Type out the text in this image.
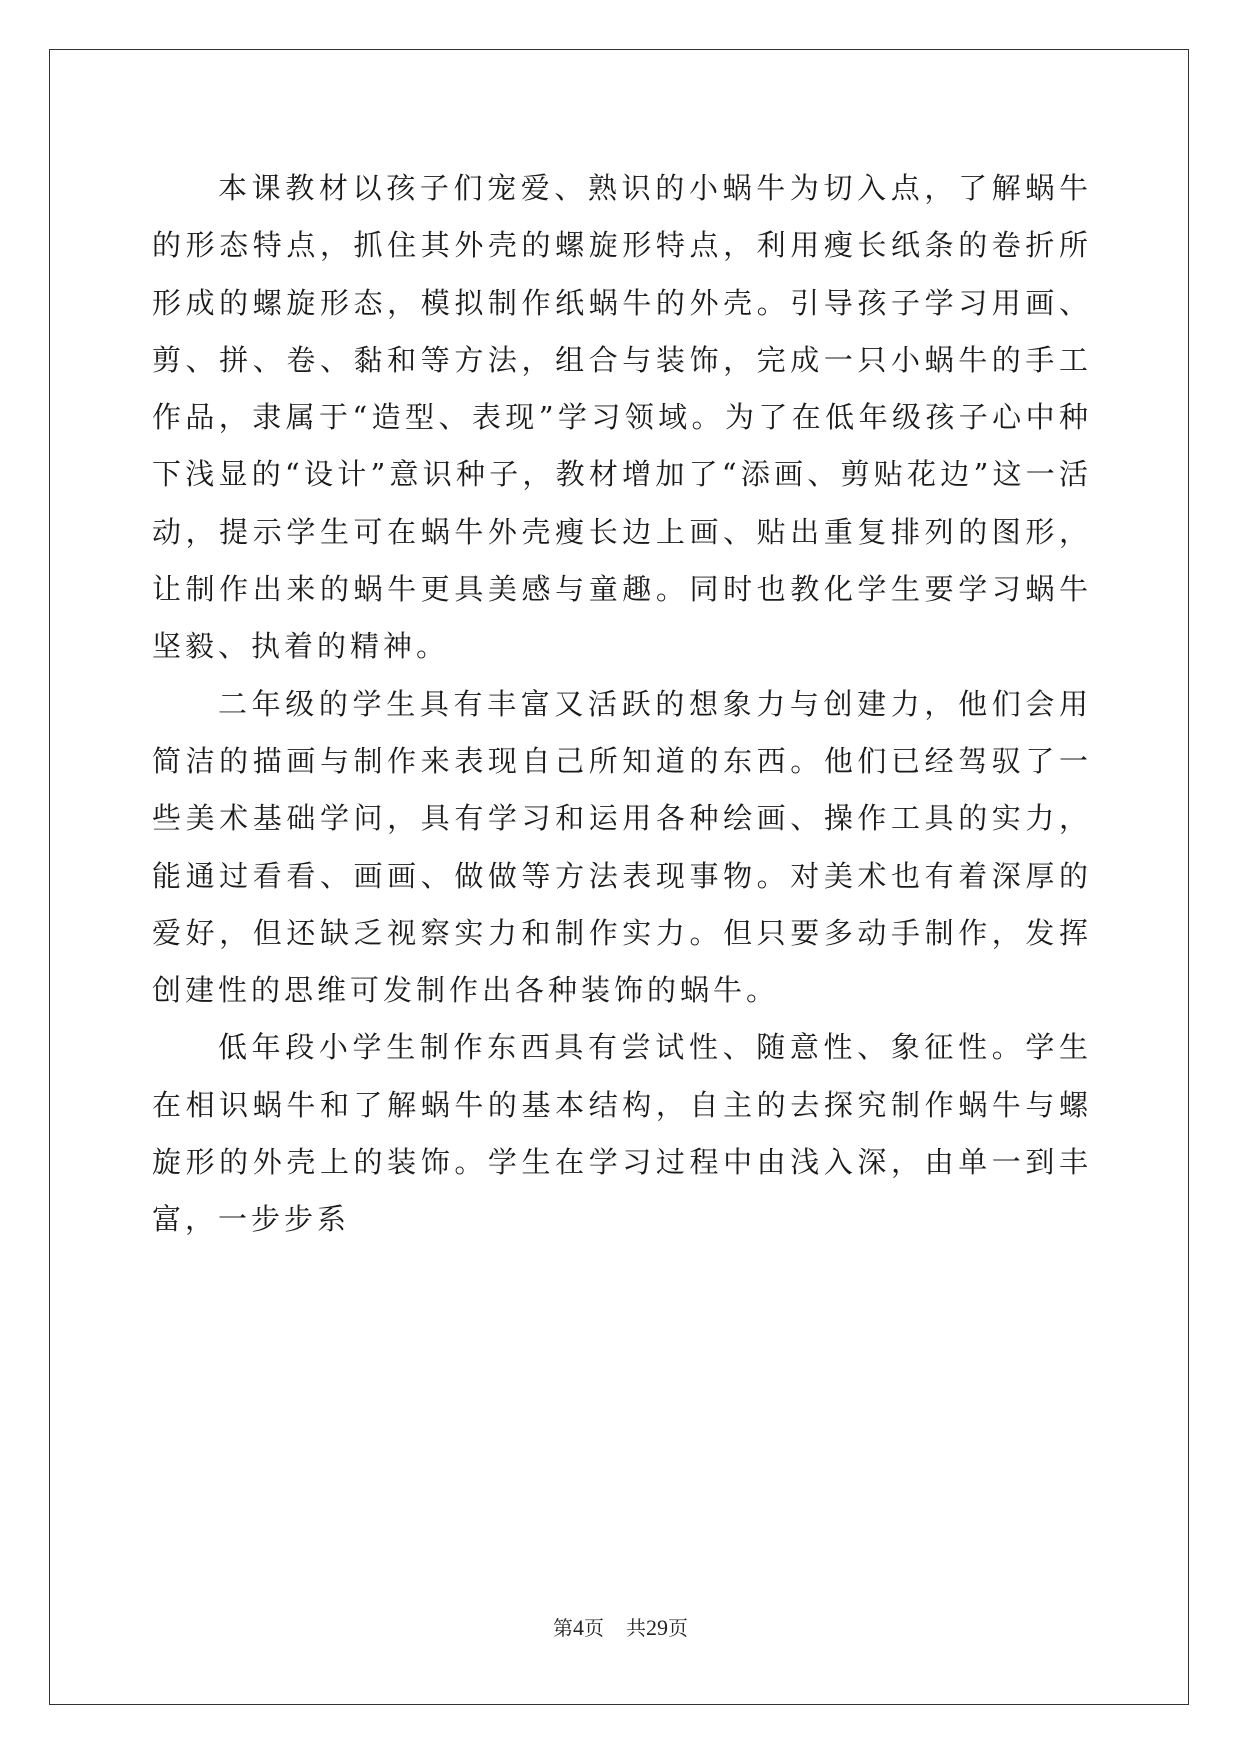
本课教材以孩子们宠爱、熟识的小蜗牛为切入点，了解蜗牛的形态特点，抓住其外壳的螺旋形特点，利用瘦长纸条的卷折所形成的螺旋形态，模拟制作纸蜗牛的外壳。引导孩子学习用画、剪、拼、卷、黏和等方法，组合与装饰，完成一只小蜗牛的手工作品，隶属于“造型、表现”学习领域。为了在低年级孩子心中种下浅显的“设计”意识种子，教材增加了“添画、剪贴花边”这一活动，提示学生可在蜗牛外壳瘦长边上画、贴出重复排列的图形，让制作出来的蜗牛更具美感与童趣。同时也教化学生要学习蜗牛坚毅、执着的精神。

二年级的学生具有丰富又活跃的想象力与创建力，他们会用简洁的描画与制作来表现自己所知道的东西。他们已经驾驭了一些美术基础学问，具有学习和运用各种绘画、操作工具的实力，能通过看看、画画、做做等方法表现事物。对美术也有着深厚的爱好，但还缺乏视察实力和制作实力。但只要多动手制作，发挥创建性的思维可发制作出各种装饰的蜗牛。

低年段小学生制作东西具有尝试性、随意性、象征性。学生在相识蜗牛和了解蜗牛的基本结构，自主的去探究制作蜗牛与螺旋形的外壳上的装饰。学生在学习过程中由浅入深，由单一到丰富，一步步系

第4页 共29页
